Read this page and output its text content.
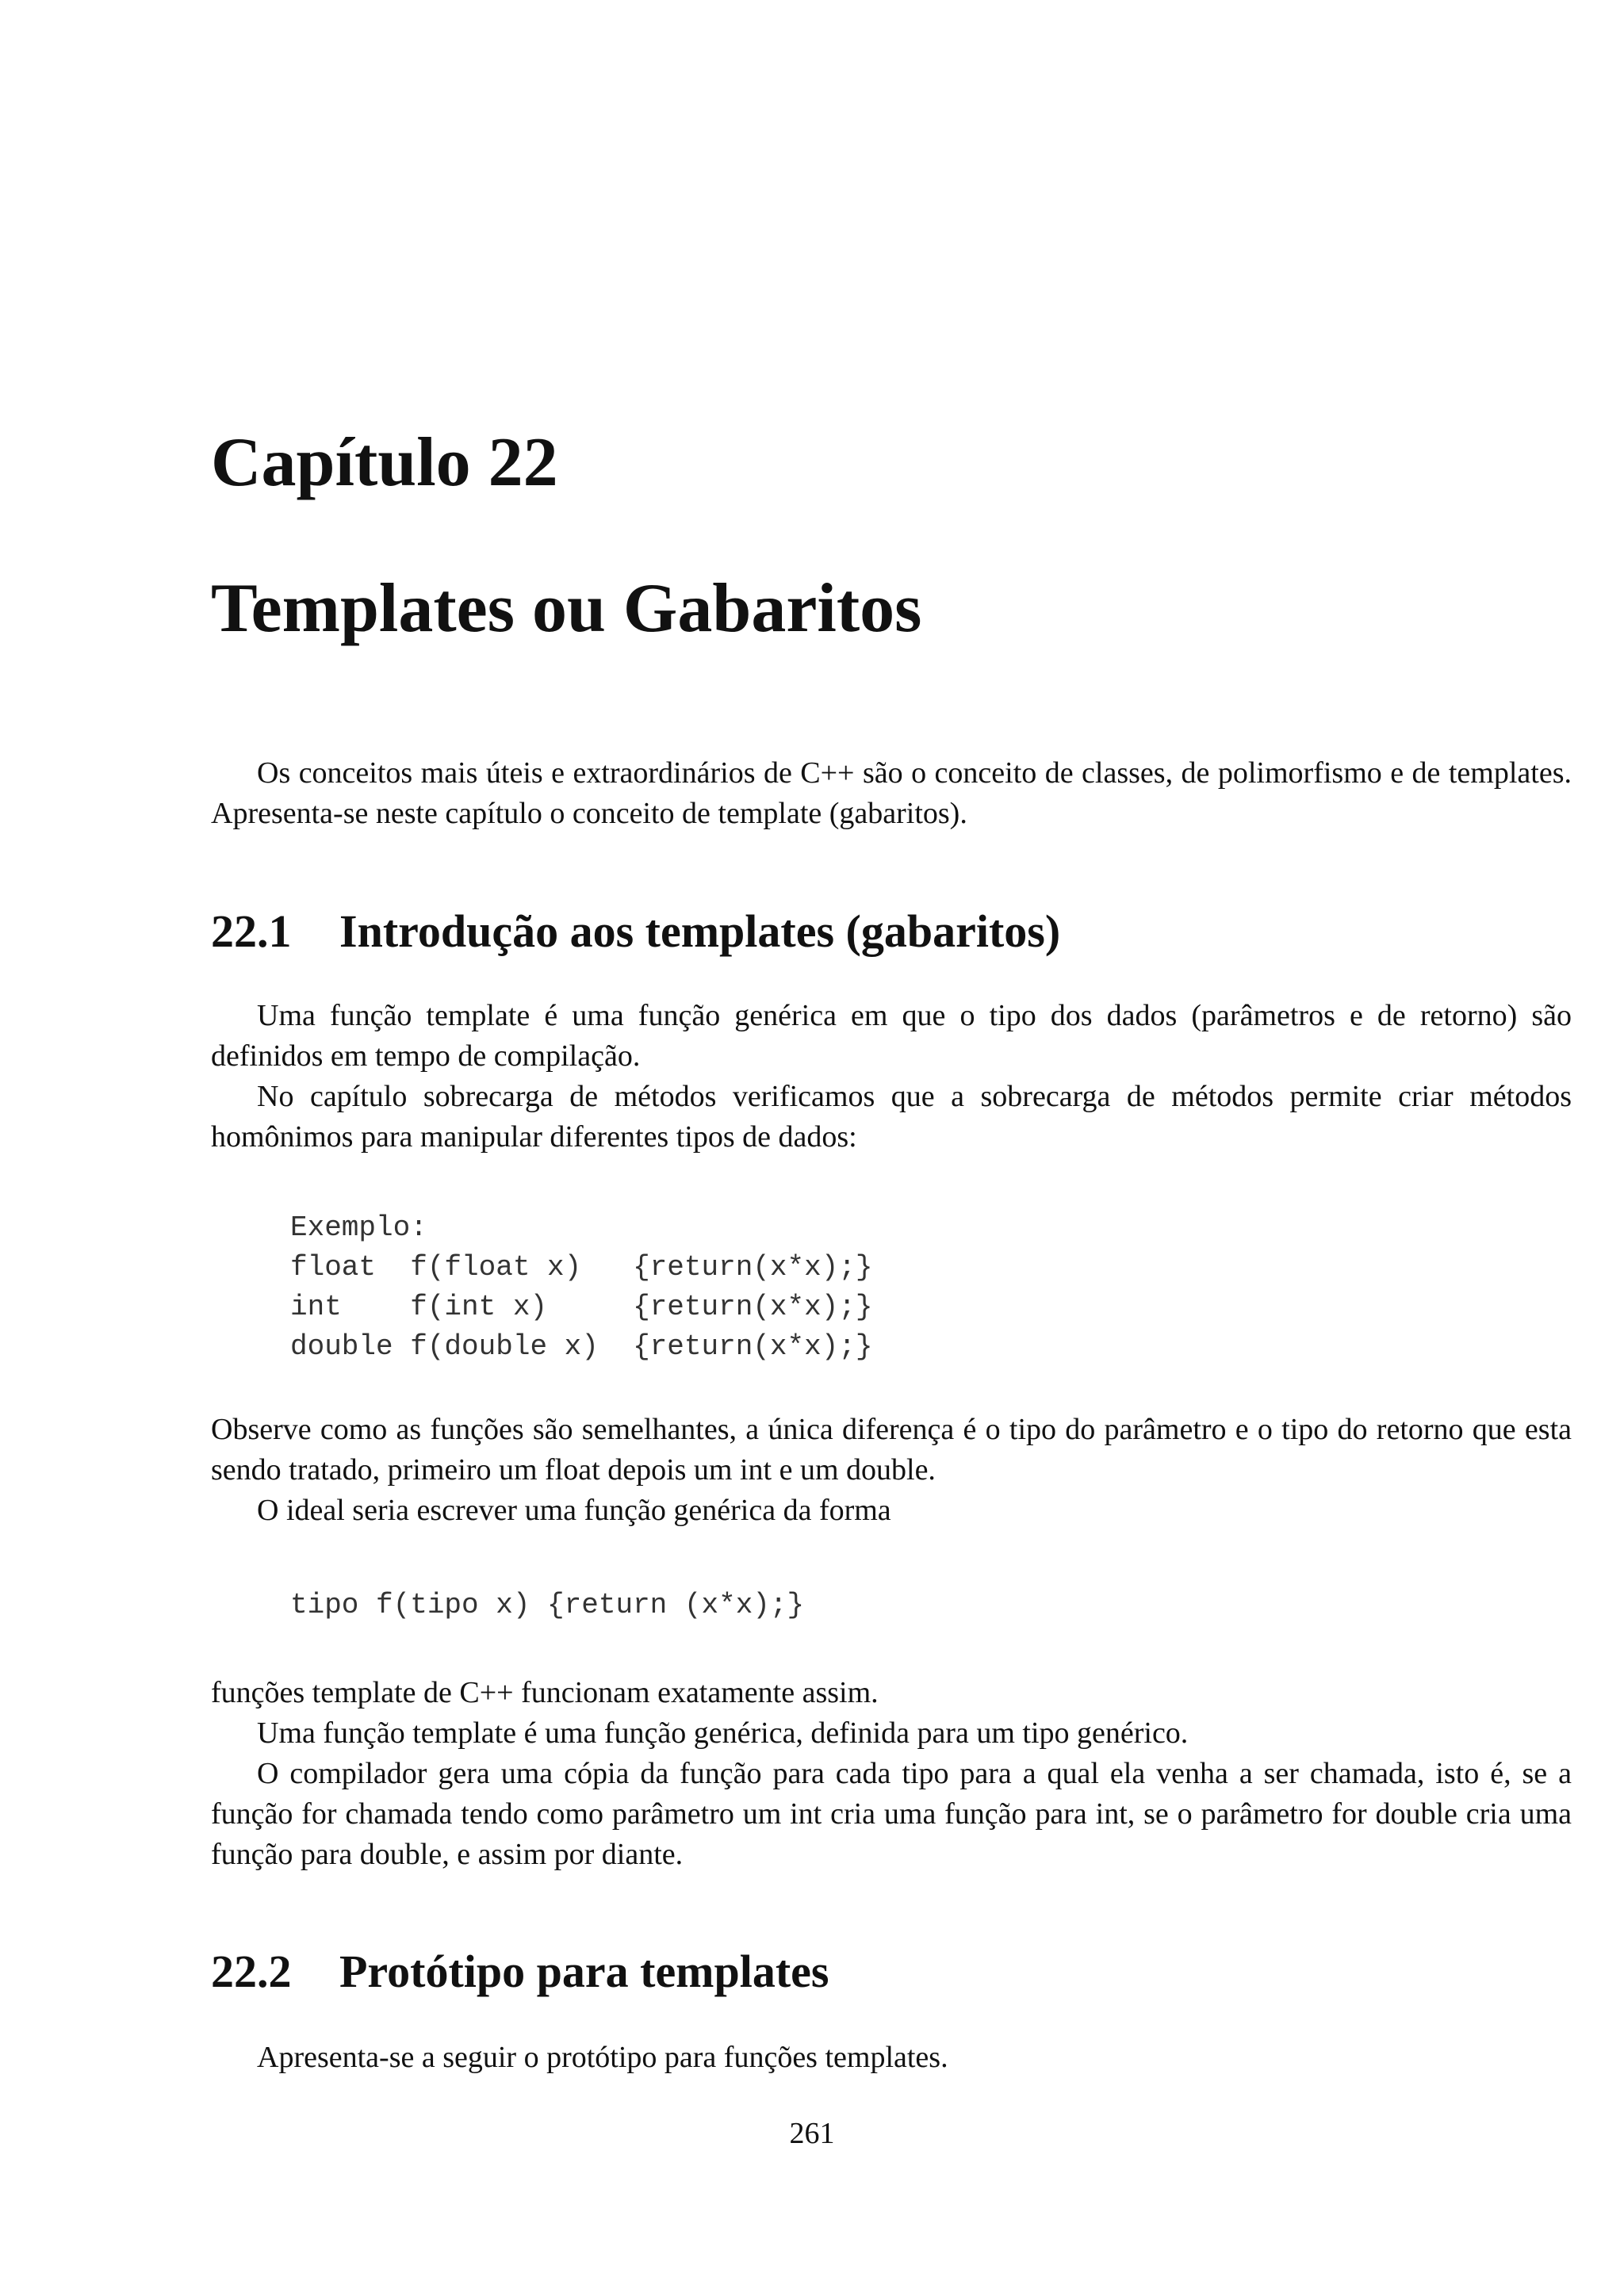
Capítulo 22
Templates ou Gabaritos

Os conceitos mais úteis e extraordinários de C++ são o conceito de classes, de polimorfismo e de templates. Apresenta-se neste capítulo o conceito de template (gabaritos).

22.1 Introdução aos templates (gabaritos)

Uma função template é uma função genérica em que o tipo dos dados (parâmetros e de retorno) são definidos em tempo de compilação.

No capítulo sobrecarga de métodos verificamos que a sobrecarga de métodos permite criar métodos homônimos para manipular diferentes tipos de dados:

Exemplo:
float  f(float x)   {return(x*x);}
int    f(int x)     {return(x*x);}
double f(double x)  {return(x*x);}

Observe como as funções são semelhantes, a única diferença é o tipo do parâmetro e o tipo do retorno que esta sendo tratado, primeiro um float depois um int e um double.

O ideal seria escrever uma função genérica da forma

tipo f(tipo x) {return (x*x);}

funções template de C++ funcionam exatamente assim.

Uma função template é uma função genérica, definida para um tipo genérico.

O compilador gera uma cópia da função para cada tipo para a qual ela venha a ser chamada, isto é, se a função for chamada tendo como parâmetro um int cria uma função para int, se o parâmetro for double cria uma função para double, e assim por diante.

22.2 Protótipo para templates

Apresenta-se a seguir o protótipo para funções templates.

261
